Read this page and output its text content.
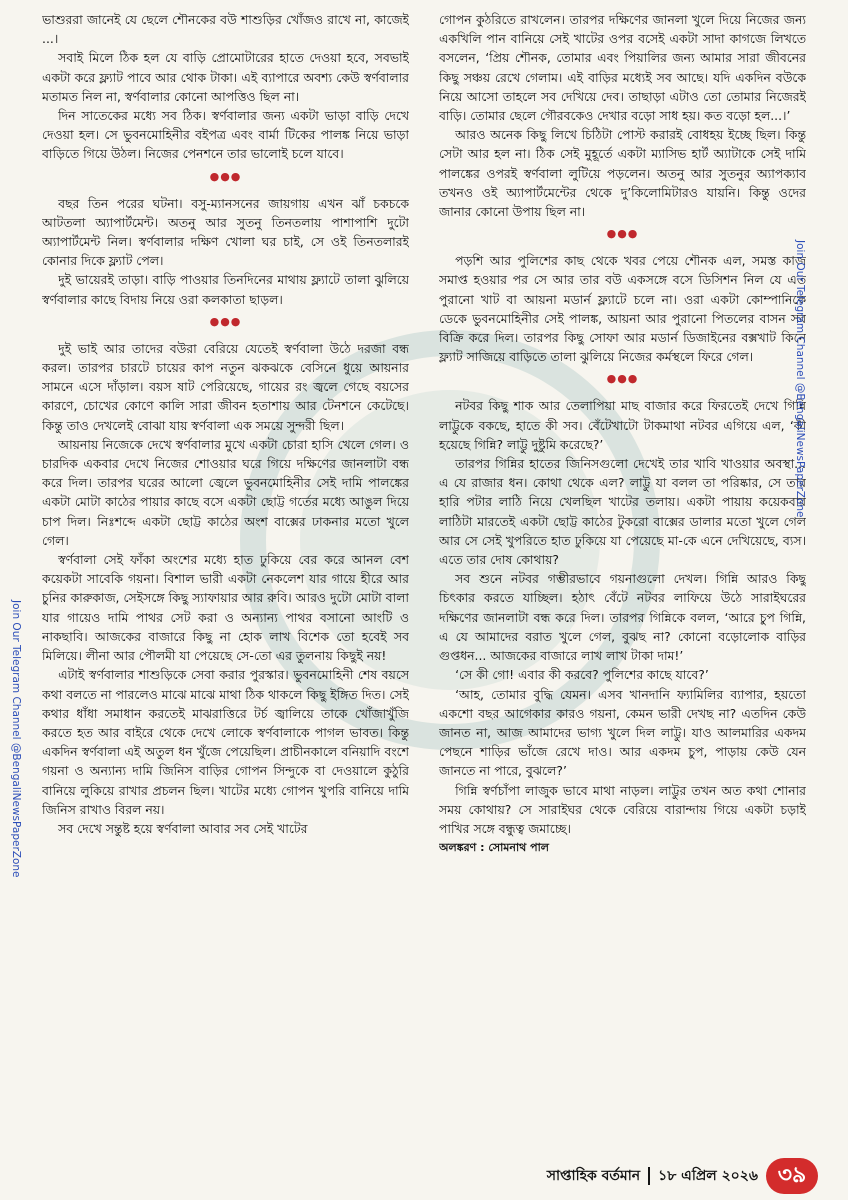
ভাশুররা জানেই যে ছেলে শৌনকের বউ শাশুড়ির খোঁজও রাখে না, কাজেই ...।

সবাই মিলে ঠিক হল যে বাড়ি প্রোমোটারের হাতে দেওয়া হবে, সবভাই একটা করে ফ্ল্যাট পাবে আর থোক টাকা। এই ব্যাপারে অবশ্য কেউ স্বর্ণবালার মতামত নিল না, স্বর্ণবালার কোনো আপত্তিও ছিল না।

দিন সাতেকের মধ্যে সব ঠিক। স্বর্ণবালার জন্য একটা ভাড়া বাড়ি দেখে দেওয়া হল। সে ভুবনমোহিনীর বইপত্র এবং বার্মা টিকের পালঙ্ক নিয়ে ভাড়া বাড়িতে গিয়ে উঠল। নিজের পেনশনে তার ভালোই চলে যাবে।

●●●

বছর তিন পরের ঘটনা। বসু-ম্যানসনের জায়গায় এখন ঝাঁ চকচকে আটতলা অ্যাপার্টমেন্ট। অতনু আর সুতনু তিনতলায় পাশাপাশি দুটো অ্যাপার্টমেন্ট নিল। স্বর্ণবালার দক্ষিণ খোলা ঘর চাই, সে ওই তিনতলারই কোনার দিকে ফ্ল্যাট পেল।

দুই ভায়েরই তাড়া। বাড়ি পাওয়ার তিনদিনের মাথায় ফ্ল্যাটে তালা ঝুলিয়ে স্বর্ণবালার কাছে বিদায় নিয়ে ওরা কলকাতা ছাড়ল।

●●●

দুই ভাই আর তাদের বউরা বেরিয়ে যেতেই স্বর্ণবালা উঠে দরজা বন্ধ করল। তারপর চারটে চায়ের কাপ নতুন ঝকঝকে বেসিনে ধুয়ে আয়নার সামনে এসে দাঁড়াল। বয়স ষাট পেরিয়েছে, গায়ের রং জ্বলে গেছে বয়সের কারণে, চোখের কোণে কালি সারা জীবন হতাশায় আর টেনশনে কেটেছে। কিন্তু তাও দেখলেই বোঝা যায় স্বর্ণবালা এক সময়ে সুন্দরী ছিল।

আয়নায় নিজেকে দেখে স্বর্ণবালার মুখে একটা চোরা হাসি খেলে গেল। ও চারদিক একবার দেখে নিজের শোওয়ার ঘরে গিয়ে দক্ষিণের জানলাটা বন্ধ করে দিল। তারপর ঘরের আলো জ্বেলে ভুবনমোহিনীর সেই দামি পালঙ্কের একটা মোটা কাঠের পায়ার কাছে বসে একটা ছোট্ট গর্তের মধ্যে আঙুল দিয়ে চাপ দিল। নিঃশব্দে একটা ছোট্ট কাঠের অংশ বাক্সের ঢাকনার মতো খুলে গেল।

স্বর্ণবালা সেই ফাঁকা অংশের মধ্যে হাত ঢুকিয়ে বের করে আনল বেশ কয়েকটা সাবেকি গয়না। বিশাল ভারী একটা নেকলেশ যার গায়ে হীরে আর চুনির কারুকাজ, সেইসঙ্গে কিছু স্যাফায়ার আর রুবি। আরও দুটো মোটা বালা যার গায়েও দামি পাথর সেট করা ও অন্যান্য পাথর বসানো আংটি ও নাকছাবি। আজকের বাজারে কিছু না হোক লাখ বিশেক তো হবেই সব মিলিয়ে। লীনা আর পৌলমী যা পেয়েছে সে-তো এর তুলনায় কিছুই নয়!

এটাই স্বর্ণবালার শাশুড়িকে সেবা করার পুরস্কার। ভুবনমোহিনী শেষ বয়সে কথা বলতে না পারলেও মাঝে মাঝে মাথা ঠিক থাকলে কিছু ইঙ্গিত দিত। সেই কথার ধাঁধা সমাধান করতেই মাঝরাত্তিরে টর্চ জ্বালিয়ে তাকে খোঁজাখুঁজি করতে হত আর বাইরে থেকে দেখে লোকে স্বর্ণবালাকে পাগল ভাবত। কিন্তু একদিন স্বর্ণবালা এই অতুল ধন খুঁজে পেয়েছিল। প্রাচীনকালে বনিয়াদি বংশে গয়না ও অন্যান্য দামি জিনিস বাড়ির গোপন সিন্দুকে বা দেওয়ালে কুঠুরি বানিয়ে লুকিয়ে রাখার প্রচলন ছিল। খাটের মধ্যে গোপন খুপরি বানিয়ে দামি জিনিস রাখাও বিরল নয়।

সব দেখে সন্তুষ্ট হয়ে স্বর্ণবালা আবার সব সেই খাটের

গোপন কুঠরিতে রাখলেন। তারপর দক্ষিণের জানলা খুলে দিয়ে নিজের জন্য একখিলি পান বানিয়ে সেই খাটের ওপর বসেই একটা সাদা কাগজে লিখতে বসলেন, ‘প্রিয় শৌনক, তোমার এবং পিয়ালির জন্য আমার সারা জীবনের কিছু সঞ্চয় রেখে গেলাম। এই বাড়ির মধ্যেই সব আছে। যদি একদিন বউকে নিয়ে আসো তাহলে সব দেখিয়ে দেব। তাছাড়া এটাও তো তোমার নিজেরই বাড়ি। তোমার ছেলে গৌরবকেও দেখার বড়ো সাধ হয়। কত বড়ো হল...।’

আরও অনেক কিছু লিখে চিঠিটা পোস্ট করারই বোধহয় ইচ্ছে ছিল। কিন্তু সেটা আর হল না। ঠিক সেই মুহূর্তে একটা ম্যাসিভ হার্ট অ্যাটাকে সেই দামি পালঙ্কের ওপরই স্বর্ণবালা লুটিয়ে পড়লেন। অতনু আর সুতনুর অ্যাপক্যাব তখনও ওই অ্যাপার্টমেন্টের থেকে দু’কিলোমিটারও যায়নি। কিন্তু ওদের জানার কোনো উপায় ছিল না।

●●●

পড়শি আর পুলিশের কাছ থেকে খবর পেয়ে শৌনক এল, সমস্ত কাজ সমাপ্ত হওয়ার পর সে আর তার বউ একসঙ্গে বসে ডিসিশন নিল যে এত পুরানো খাট বা আয়না মডার্ন ফ্ল্যাটে চলে না। ওরা একটা কোম্পানিকে ডেকে ভুবনমোহিনীর সেই পালঙ্ক, আয়না আর পুরানো পিতলের বাসন সব বিক্রি করে দিল। তারপর কিছু সোফা আর মডার্ন ডিজাইনের বক্সখাট কিনে ফ্ল্যাট সাজিয়ে বাড়িতে তালা ঝুলিয়ে নিজের কর্মস্থলে ফিরে গেল।

●●●

নটবর কিছু শাক আর তেলাপিয়া মাছ বাজার করে ফিরতেই দেখে গিন্নি লাট্টুকে বকছে, হাতে কী সব। বেঁটেখাটো টাকমাথা নটবর এগিয়ে এল, ‘কী হয়েছে গিন্নি? লাট্টু দুষ্টুমি করেছে?’

তারপর গিন্নির হাতের জিনিসগুলো দেখেই তার খাবি খাওয়ার অবস্থা... এ যে রাজার ধন। কোথা থেকে এল? লাট্টু যা বলল তা পরিষ্কার, সে তার হারি পটার লাঠি নিয়ে খেলছিল খাটের তলায়। একটা পায়ায় কয়েকবার লাঠিটা মারতেই একটা ছোট্ট কাঠের টুকরো বাক্সের ডালার মতো খুলে গেল আর সে সেই খুপরিতে হাত ঢুকিয়ে যা পেয়েছে মা-কে এনে দেখিয়েছে, ব্যস। এতে তার দোষ কোথায়?

সব শুনে নটবর গম্ভীরভাবে গয়নাগুলো দেখল। গিন্নি আরও কিছু চিৎকার করতে যাচ্ছিল। হঠাৎ বেঁটে নটবর লাফিয়ে উঠে সারাইঘরের দক্ষিণের জানলাটা বন্ধ করে দিল। তারপর গিন্নিকে বলল, ‘আরে চুপ গিন্নি, এ যে আমাদের বরাত খুলে গেল, বুঝছ না? কোনো বড়োলোক বাড়ির গুপ্তধন... আজকের বাজারে লাখ লাখ টাকা দাম!’

‘সে কী গো! এবার কী করবে? পুলিশের কাছে যাবে?’

‘আহ, তোমার বুদ্ধি যেমন। এসব খানদানি ফ্যামিলির ব্যাপার, হয়তো একশো বছর আগেকার কারও গয়না, কেমন ভারী দেখছ না? এতদিন কেউ জানত না, আজ আমাদের ভাগ্য খুলে দিল লাট্টু। যাও আলমারির একদম পেছনে শাড়ির ভাঁজে রেখে দাও। আর একদম চুপ, পাড়ায় কেউ যেন জানতে না পারে, বুঝলে?’

গিন্নি স্বর্ণচাঁপা লাজুক ভাবে মাথা নাড়ল। লাট্টুর তখন অত কথা শোনার সময় কোথায়? সে সারাইঘর থেকে বেরিয়ে বারান্দায় গিয়ে একটা চড়াই পাখির সঙ্গে বন্ধুত্ব জমাচ্ছে।

অলঙ্করণ : সোমনাথ পাল

Join Our Telegram Channel @BengaliNewsPaperZone
Join Our Telegram Channel @BengaliNewsPaperZone
সাপ্তাহিক বর্তমান ১৮ এপ্রিল ২০২৬ ৩৯
